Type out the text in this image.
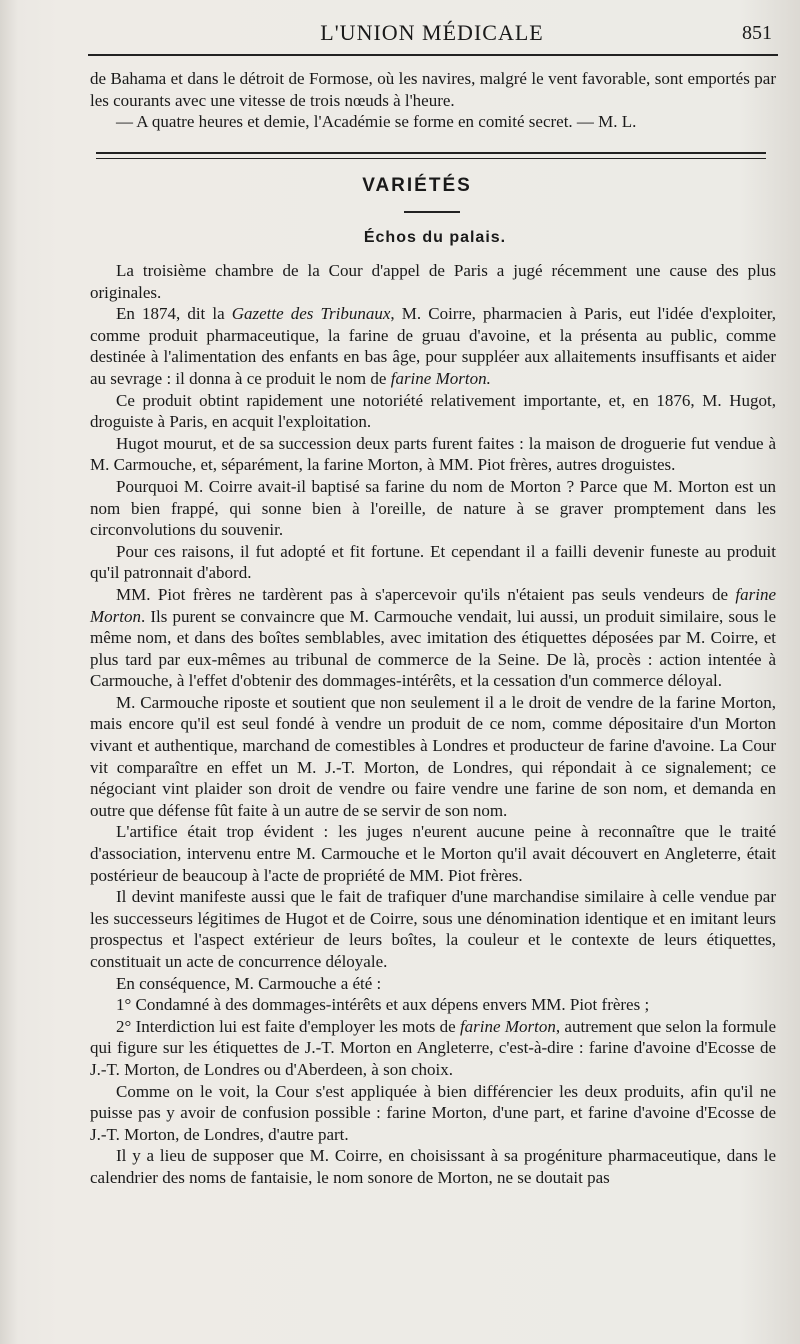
L'UNION MÉDICALE	851

de Bahama et dans le détroit de Formose, où les navires, malgré le vent favorable, sont emportés par les courants avec une vitesse de trois nœuds à l'heure.

— A quatre heures et demie, l'Académie se forme en comité secret. — M. L.

VARIÉTÉS
Échos du palais.

La troisième chambre de la Cour d'appel de Paris a jugé récemment une cause des plus originales.

En 1874, dit la Gazette des Tribunaux, M. Coirre, pharmacien à Paris, eut l'idée d'exploiter, comme produit pharmaceutique, la farine de gruau d'avoine, et la présenta au public, comme destinée à l'alimentation des enfants en bas âge, pour suppléer aux allaitements insuffisants et aider au sevrage : il donna à ce produit le nom de farine Morton.

Ce produit obtint rapidement une notoriété relativement importante, et, en 1876, M. Hugot, droguiste à Paris, en acquit l'exploitation.

Hugot mourut, et de sa succession deux parts furent faites : la maison de droguerie fut vendue à M. Carmouche, et, séparément, la farine Morton, à MM. Piot frères, autres droguistes.

Pourquoi M. Coirre avait-il baptisé sa farine du nom de Morton ? Parce que M. Morton est un nom bien frappé, qui sonne bien à l'oreille, de nature à se graver promptement dans les circonvolutions du souvenir.

Pour ces raisons, il fut adopté et fit fortune. Et cependant il a failli devenir funeste au produit qu'il patronnait d'abord.

MM. Piot frères ne tardèrent pas à s'apercevoir qu'ils n'étaient pas seuls vendeurs de farine Morton. Ils purent se convaincre que M. Carmouche vendait, lui aussi, un produit similaire, sous le même nom, et dans des boîtes semblables, avec imitation des étiquettes déposées par M. Coirre, et plus tard par eux-mêmes au tribunal de commerce de la Seine. De là, procès : action intentée à Carmouche, à l'effet d'obtenir des dommages-intérêts, et la cessation d'un commerce déloyal.

M. Carmouche riposte et soutient que non seulement il a le droit de vendre de la farine Morton, mais encore qu'il est seul fondé à vendre un produit de ce nom, comme dépositaire d'un Morton vivant et authentique, marchand de comestibles à Londres et producteur de farine d'avoine. La Cour vit comparaître en effet un M. J.-T. Morton, de Londres, qui répondait à ce signalement; ce négociant vint plaider son droit de vendre ou faire vendre une farine de son nom, et demanda en outre que défense fût faite à un autre de se servir de son nom.

L'artifice était trop évident : les juges n'eurent aucune peine à reconnaître que le traité d'association, intervenu entre M. Carmouche et le Morton qu'il avait découvert en Angleterre, était postérieur de beaucoup à l'acte de propriété de MM. Piot frères.

Il devint manifeste aussi que le fait de trafiquer d'une marchandise similaire à celle vendue par les successeurs légitimes de Hugot et de Coirre, sous une dénomination identique et en imitant leurs prospectus et l'aspect extérieur de leurs boîtes, la couleur et le contexte de leurs étiquettes, constituait un acte de concurrence déloyale.

En conséquence, M. Carmouche a été :

1° Condamné à des dommages-intérêts et aux dépens envers MM. Piot frères ;

2° Interdiction lui est faite d'employer les mots de farine Morton, autrement que selon la formule qui figure sur les étiquettes de J.-T. Morton en Angleterre, c'est-à-dire : farine d'avoine d'Ecosse de J.-T. Morton, de Londres ou d'Aberdeen, à son choix.

Comme on le voit, la Cour s'est appliquée à bien différencier les deux produits, afin qu'il ne puisse pas y avoir de confusion possible : farine Morton, d'une part, et farine d'avoine d'Ecosse de J.-T. Morton, de Londres, d'autre part.

Il y a lieu de supposer que M. Coirre, en choisissant à sa progéniture pharmaceutique, dans le calendrier des noms de fantaisie, le nom sonore de Morton, ne se doutait pas
